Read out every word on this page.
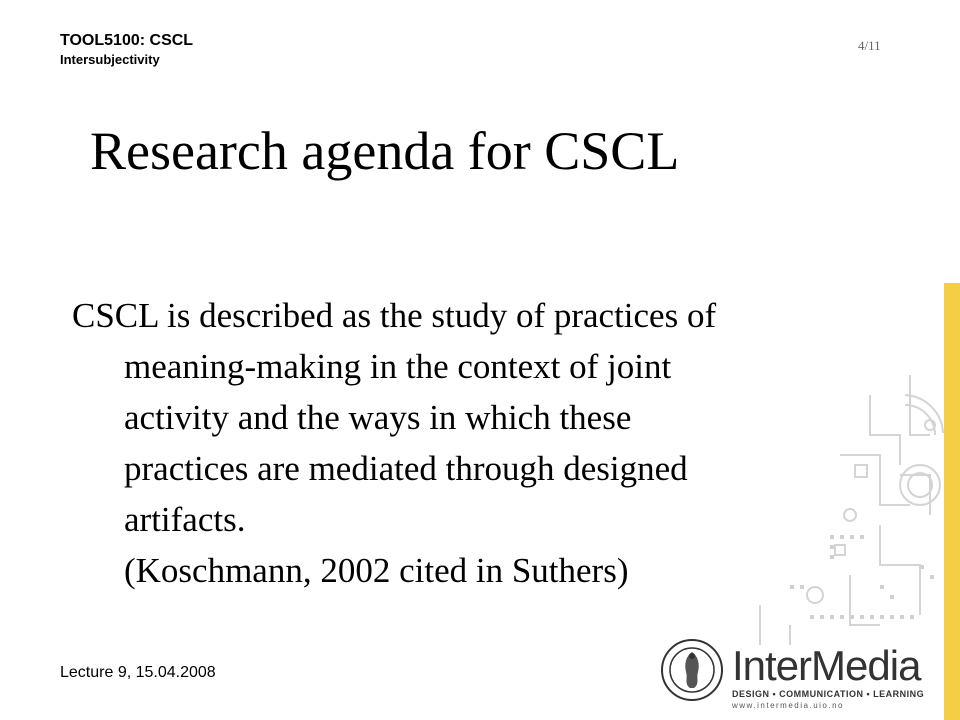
TOOL5100: CSCL
Intersubjectivity
4/11
Research agenda for CSCL
CSCL is described as the study of practices of
meaning-making in the context of joint
activity and the ways in which these
practices are mediated through designed
artifacts.
(Koschmann, 2002 cited in Suthers)
Lecture 9, 15.04.2008	InterMedia
DESIGN • COMMUNICATION • LEARNING
www.intermedia.uio.no
